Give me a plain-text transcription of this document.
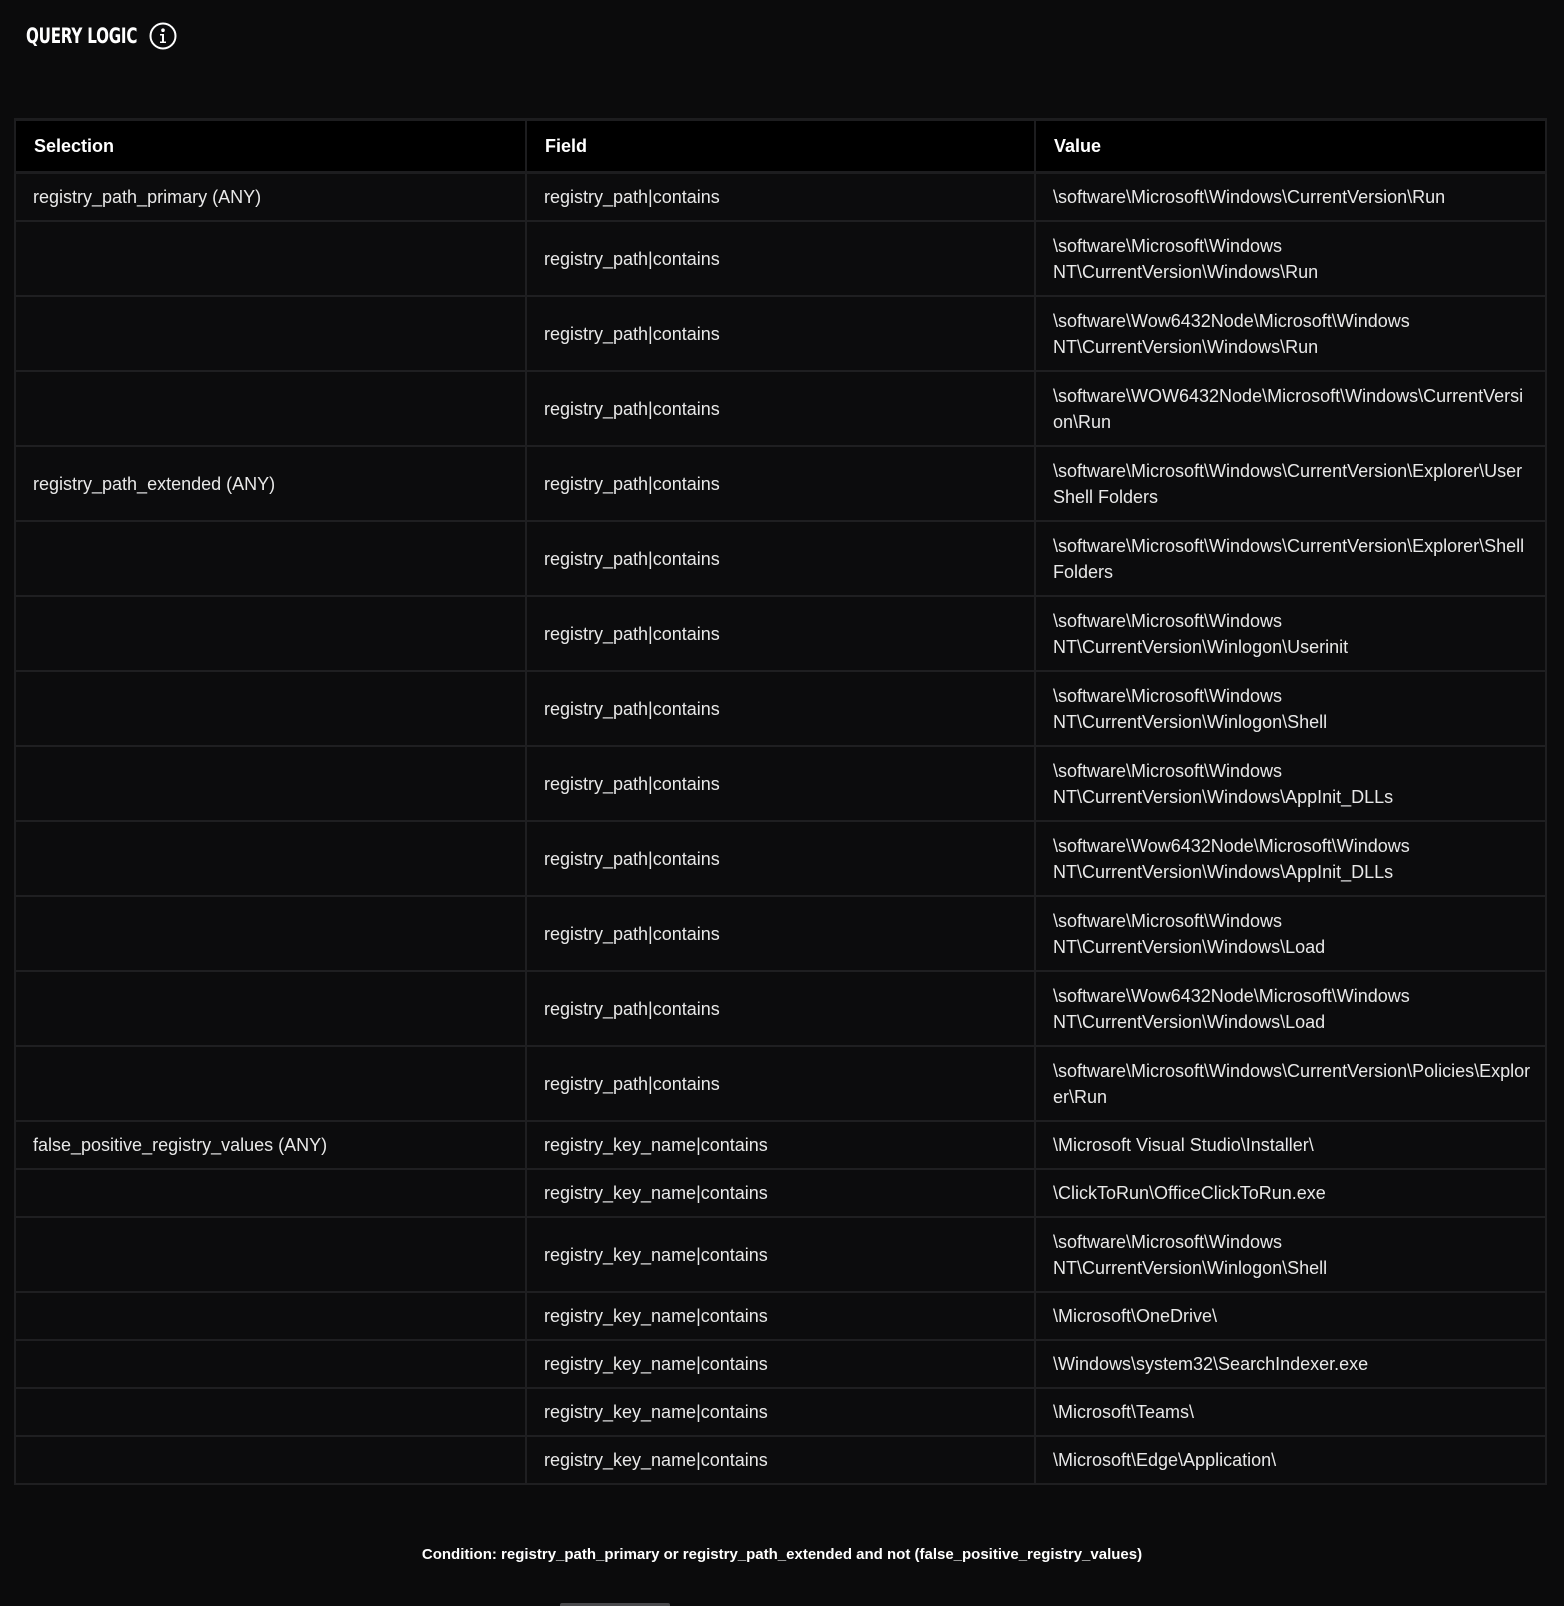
QUERY LOGIC
Selection	Field	Value
registry_path_primary (ANY)	registry_path|contains	\software\Microsoft\Windows\CurrentVersion\Run
	registry_path|contains	\software\Microsoft\Windows NT\CurrentVersion\Windows\Run
	registry_path|contains	\software\Wow6432Node\Microsoft\Windows NT\CurrentVersion\Windows\Run
	registry_path|contains	\software\WOW6432Node\Microsoft\Windows\CurrentVersion\Run
registry_path_extended (ANY)	registry_path|contains	\software\Microsoft\Windows\CurrentVersion\Explorer\User Shell Folders
	registry_path|contains	\software\Microsoft\Windows\CurrentVersion\Explorer\Shell Folders
	registry_path|contains	\software\Microsoft\Windows NT\CurrentVersion\Winlogon\Userinit
	registry_path|contains	\software\Microsoft\Windows NT\CurrentVersion\Winlogon\Shell
	registry_path|contains	\software\Microsoft\Windows NT\CurrentVersion\Windows\AppInit_DLLs
	registry_path|contains	\software\Wow6432Node\Microsoft\Windows NT\CurrentVersion\Windows\AppInit_DLLs
	registry_path|contains	\software\Microsoft\Windows NT\CurrentVersion\Windows\Load
	registry_path|contains	\software\Wow6432Node\Microsoft\Windows NT\CurrentVersion\Windows\Load
	registry_path|contains	\software\Microsoft\Windows\CurrentVersion\Policies\Explorer\Run
false_positive_registry_values (ANY)	registry_key_name|contains	\Microsoft Visual Studio\Installer\
	registry_key_name|contains	\ClickToRun\OfficeClickToRun.exe
	registry_key_name|contains	\software\Microsoft\Windows NT\CurrentVersion\Winlogon\Shell
	registry_key_name|contains	\Microsoft\OneDrive\
	registry_key_name|contains	\Windows\system32\SearchIndexer.exe
	registry_key_name|contains	\Microsoft\Teams\
	registry_key_name|contains	\Microsoft\Edge\Application\
Condition: registry_path_primary or registry_path_extended and not (false_positive_registry_values)
